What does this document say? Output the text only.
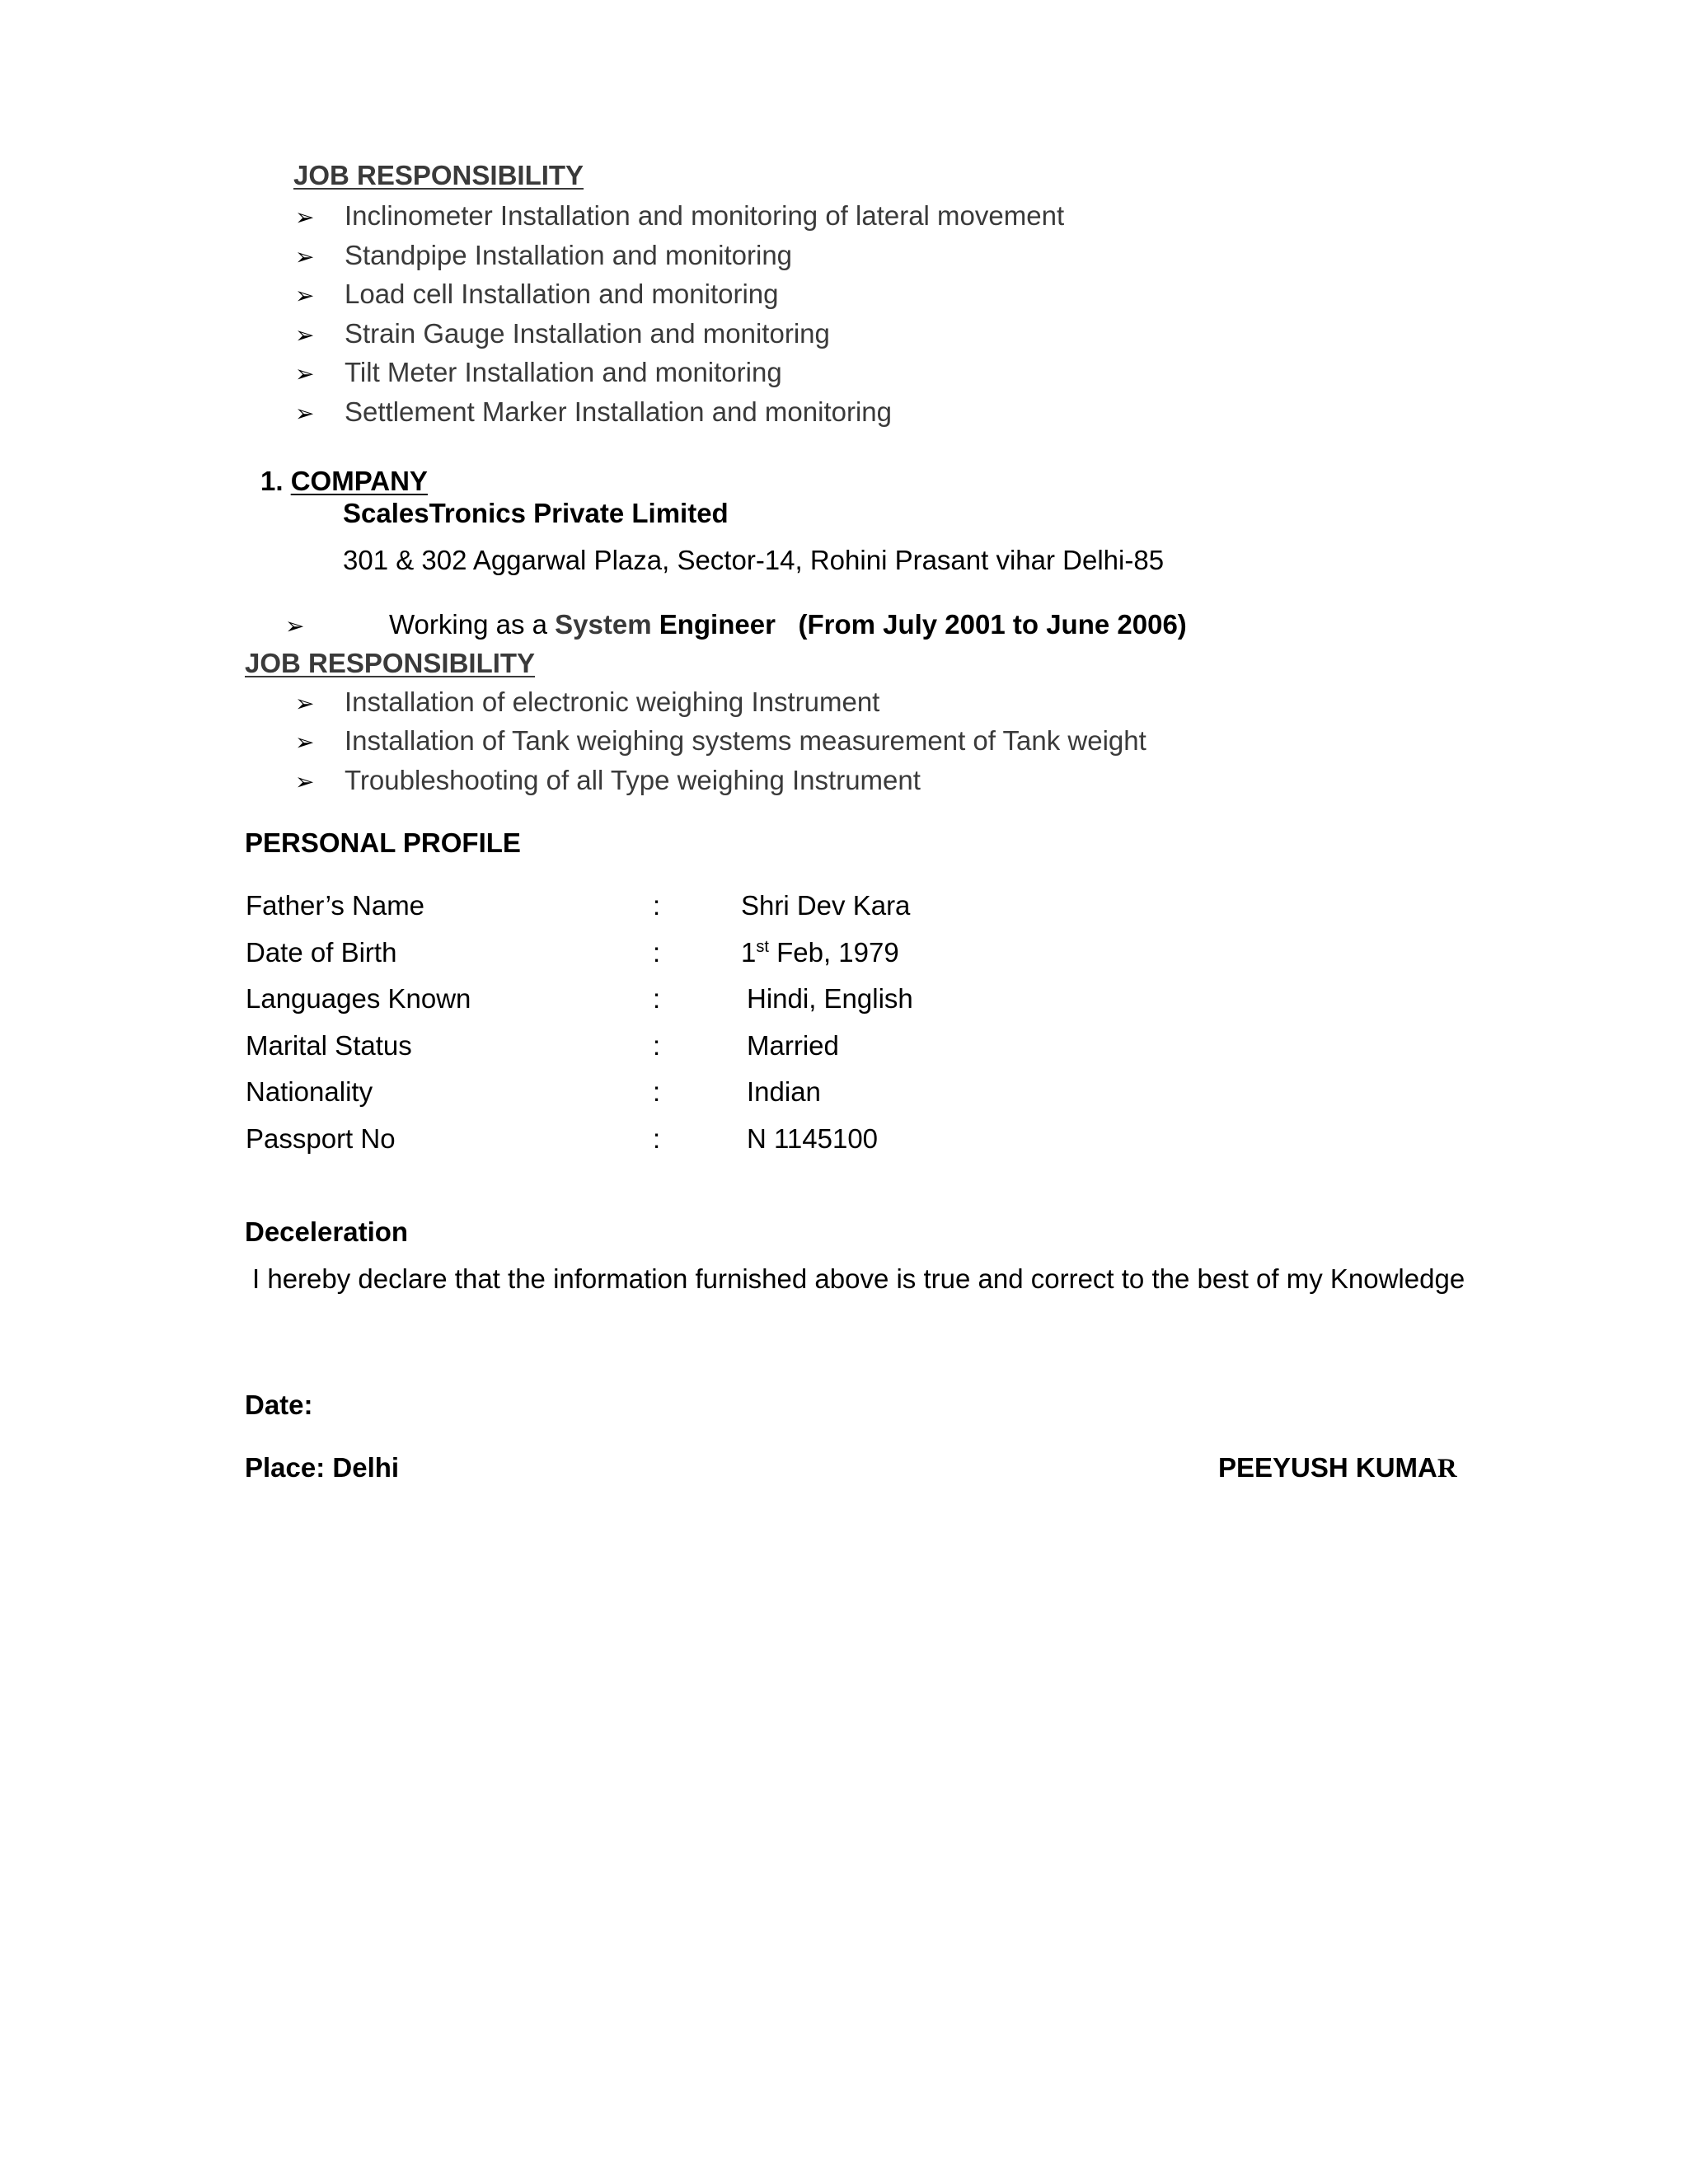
JOB RESPONSIBILITY
➢ Inclinometer Installation and monitoring of lateral movement
➢ Standpipe Installation and monitoring
➢ Load cell Installation and monitoring
➢ Strain Gauge Installation and monitoring
➢ Tilt Meter Installation and monitoring
➢ Settlement Marker Installation and monitoring
1. COMPANY
ScalesTronics Private Limited
301 & 302 Aggarwal Plaza, Sector-14, Rohini Prasant vihar Delhi-85
➢	Working as a System Engineer (From July 2001 to June 2006)
JOB RESPONSIBILITY
➢ Installation of electronic weighing Instrument
➢ Installation of Tank weighing systems measurement of Tank weight
➢ Troubleshooting of all Type weighing Instrument
PERSONAL PROFILE
Father’s Name	:	Shri Dev Kara
Date of Birth	:	1st Feb, 1979
Languages Known	:	Hindi, English
Marital Status	:	Married
Nationality	:	Indian
Passport No	:	N 1145100
Deceleration
I hereby declare that the information furnished above is true and correct to the best of my Knowledge
Date:
Place: Delhi	PEEYUSH KUMAR
